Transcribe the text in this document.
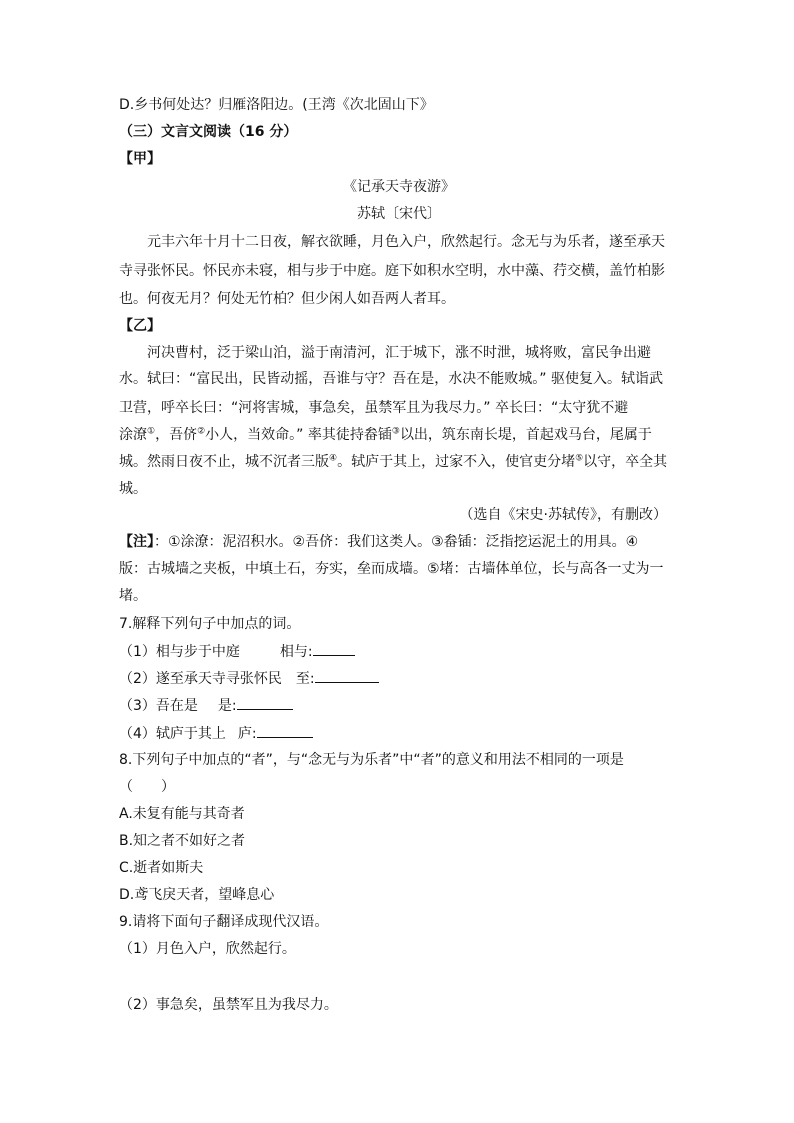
D.乡书何处达？归雁洛阳边。(王湾《次北固山下》
（三）文言文阅读（16 分）
【甲】
《记承天寺夜游》
苏轼〔宋代〕
元丰六年十月十二日夜，解衣欲睡，月色入户，欣然起行。念无与为乐者，遂至承天
寺寻张怀民。怀民亦未寝，相与步于中庭。庭下如积水空明，水中藻、荇交横，盖竹柏影
也。何夜无月？何处无竹柏？但少闲人如吾两人者耳。
【乙】
河决曹村，泛于梁山泊，溢于南清河，汇于城下，涨不时泄，城将败，富民争出避
水。轼曰：“富民出，民皆动摇，吾谁与守？吾在是，水决不能败城。” 驱使复入。轼诣武
卫营，呼卒长曰：“河将害城，事急矣，虽禁军且为我尽力。” 卒长曰：“太守犹不避
涂潦①，吾侪②小人，当效命。” 率其徒持畚锸③以出，筑东南长堤，首起戏马台，尾属于
城。然雨日夜不止，城不沉者三版④。轼庐于其上，过家不入，使官吏分堵⑤以守，卒全其
城。
（选自《宋史·苏轼传》，有删改）
【注】：①涂潦：泥沼积水。②吾侪：我们这类人。③畚锸：泛指挖运泥土的用具。④
版：古城墙之夹板，中填土石，夯实，垒而成墙。⑤堵：古墙体单位，长与高各一丈为一
堵。
7.解释下列句子中加点的词。
（1）相与步于中庭	相与:
（2）遂至承天寺寻张怀民 至:
（3）吾在是 是:
（4）轼庐于其上 庐:
8.下列句子中加点的“者”，与“念无与为乐者”中“者”的意义和用法不相同的一项是
（　　）
A.未复有能与其奇者
B.知之者不如好之者
C.逝者如斯夫
D.鸢飞戾天者，望峰息心
9.请将下面句子翻译成现代汉语。
（1）月色入户，欣然起行。
（2）事急矣，虽禁军且为我尽力。
